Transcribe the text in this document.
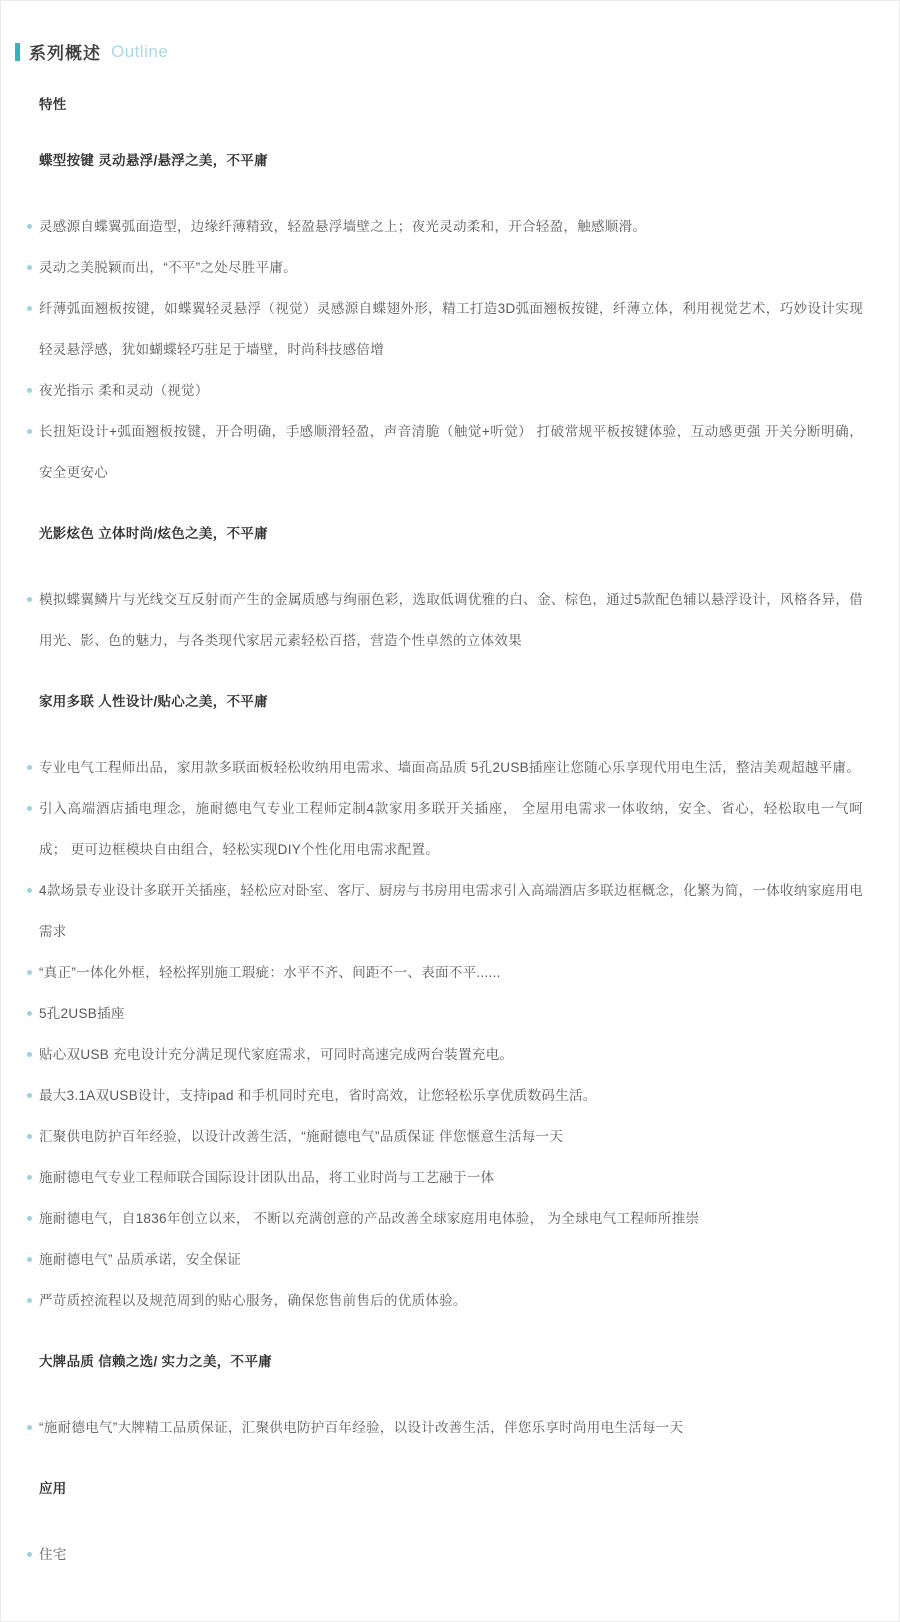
系列概述 Outline
特性
蝶型按键 灵动悬浮/悬浮之美，不平庸
灵感源自蝶翼弧面造型，边缘纤薄精致，轻盈悬浮墙壁之上；夜光灵动柔和，开合轻盈，触感顺滑。
灵动之美脱颖而出，“不平”之处尽胜平庸。
纤薄弧面翘板按键，如蝶翼轻灵悬浮（视觉）灵感源自蝶翅外形，精工打造3D弧面翘板按键，纤薄立体，利用视觉艺术，巧妙设计实现轻灵悬浮感，犹如蝴蝶轻巧驻足于墙壁，时尚科技感倍增
夜光指示 柔和灵动（视觉）
长扭矩设计+弧面翘板按键，开合明确，手感顺滑轻盈，声音清脆（触觉+听觉） 打破常规平板按键体验，互动感更强 开关分断明确，安全更安心
光影炫色 立体时尚/炫色之美，不平庸
模拟蝶翼鳞片与光线交互反射而产生的金属质感与绚丽色彩，选取低调优雅的白、金、棕色，通过5款配色辅以悬浮设计，风格各异，借用光、影、色的魅力，与各类现代家居元素轻松百搭，营造个性卓然的立体效果
家用多联 人性设计/贴心之美，不平庸
专业电气工程师出品，家用款多联面板轻松收纳用电需求、墙面高品质 5孔2USB插座让您随心乐享现代用电生活，整洁美观超越平庸。
引入高端酒店插电理念，施耐德电气专业工程师定制4款家用多联开关插座， 全屋用电需求一体收纳，安全、省心，轻松取电一气呵成； 更可边框模块自由组合，轻松实现DIY个性化用电需求配置。
4款场景专业设计多联开关插座，轻松应对卧室、客厅、厨房与书房用电需求引入高端酒店多联边框概念，化繁为简，一体收纳家庭用电需求
“真正”一体化外框，轻松挥别施工瑕疵：水平不齐、间距不一、表面不平......
5孔2USB插座
贴心双USB 充电设计充分满足现代家庭需求，可同时高速完成两台装置充电。
最大3.1A双USB设计，支持ipad 和手机同时充电，省时高效，让您轻松乐享优质数码生活。
汇聚供电防护百年经验，以设计改善生活，“施耐德电气”品质保证 伴您惬意生活每一天
施耐德电气专业工程师联合国际设计团队出品，将工业时尚与工艺融于一体
施耐德电气，自1836年创立以来， 不断以充满创意的产品改善全球家庭用电体验， 为全球电气工程师所推崇
施耐德电气” 品质承诺，安全保证
严苛质控流程以及规范周到的贴心服务，确保您售前售后的优质体验。
大牌品质 信赖之选/ 实力之美，不平庸
“施耐德电气”大牌精工品质保证，汇聚供电防护百年经验，以设计改善生活，伴您乐享时尚用电生活每一天
应用
住宅
